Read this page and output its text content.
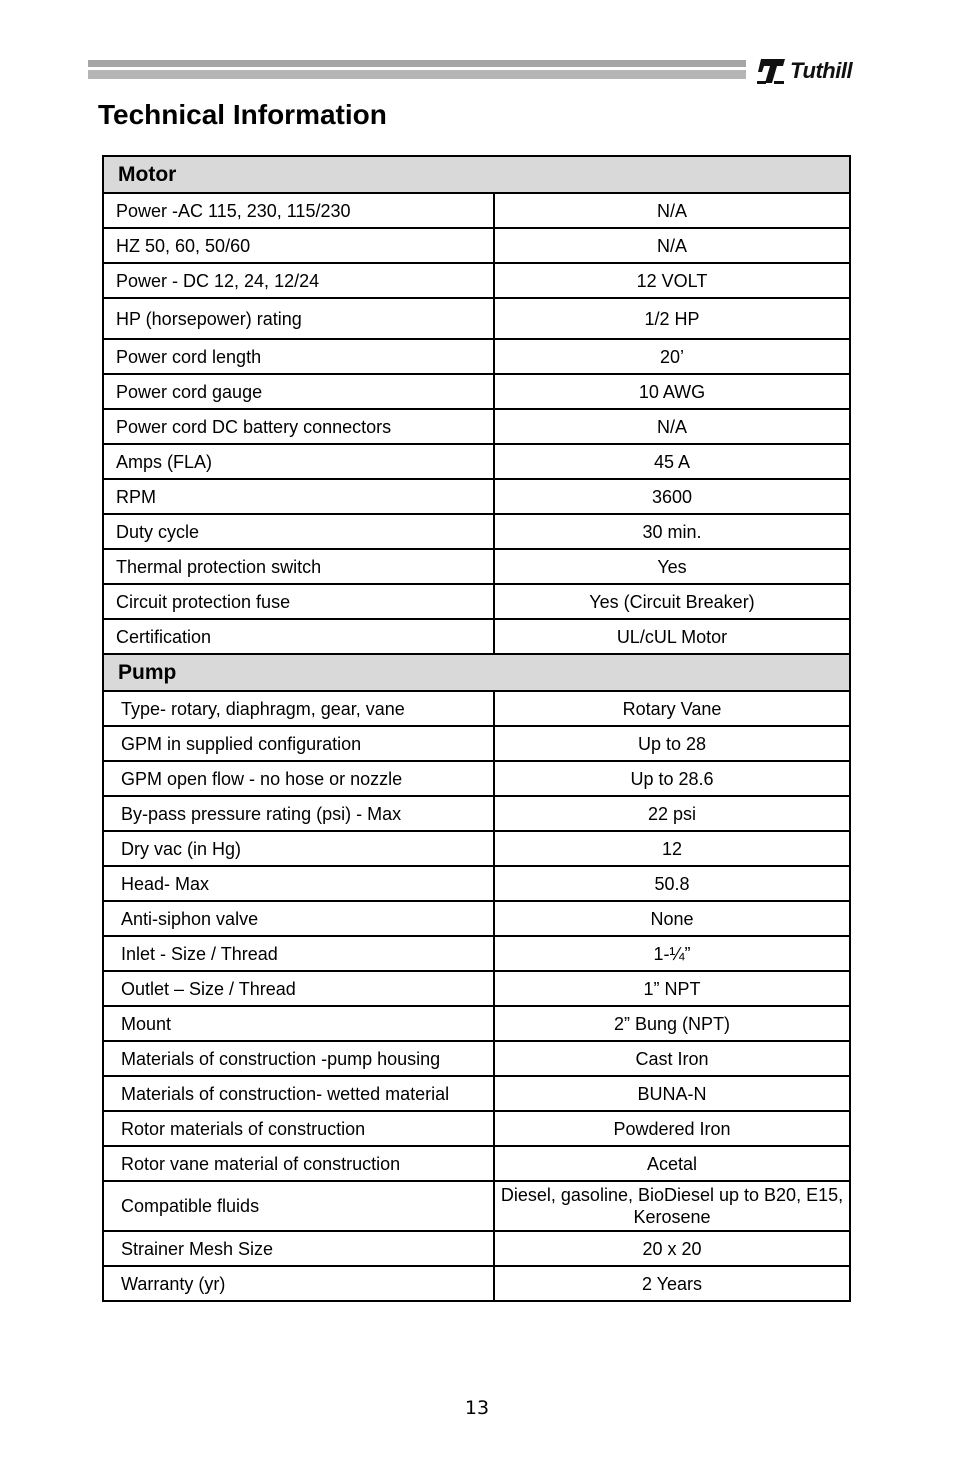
Tuthill
Technical Information
Motor	
Power -AC 115, 230, 115/230	N/A
HZ 50, 60, 50/60	N/A
Power - DC 12, 24, 12/24	12 VOLT
HP (horsepower) rating	1/2 HP
Power cord length	20’
Power cord gauge	10 AWG
Power cord DC battery connectors	N/A
Amps (FLA)	45 A
RPM	3600
Duty cycle	30 min.
Thermal protection switch	Yes
Circuit protection fuse	Yes (Circuit Breaker)
Certification	UL/cUL Motor
Pump	
Type- rotary, diaphragm, gear, vane	Rotary Vane
GPM in supplied configuration	Up to 28
GPM open flow - no hose or nozzle	Up to 28.6
By-pass pressure rating (psi) - Max	22 psi
Dry vac (in Hg)	12
Head- Max	50.8
Anti-siphon valve	None
Inlet - Size / Thread	1-¼”
Outlet – Size / Thread	1” NPT
Mount	2” Bung (NPT)
Materials of construction -pump housing	Cast Iron
Materials of construction- wetted material	BUNA-N
Rotor materials of construction	Powdered Iron
Rotor vane material of construction	Acetal
Compatible fluids	Diesel, gasoline, BioDiesel up to B20, E15, Kerosene
Strainer Mesh Size	20 x 20
Warranty (yr)	2 Years
13
